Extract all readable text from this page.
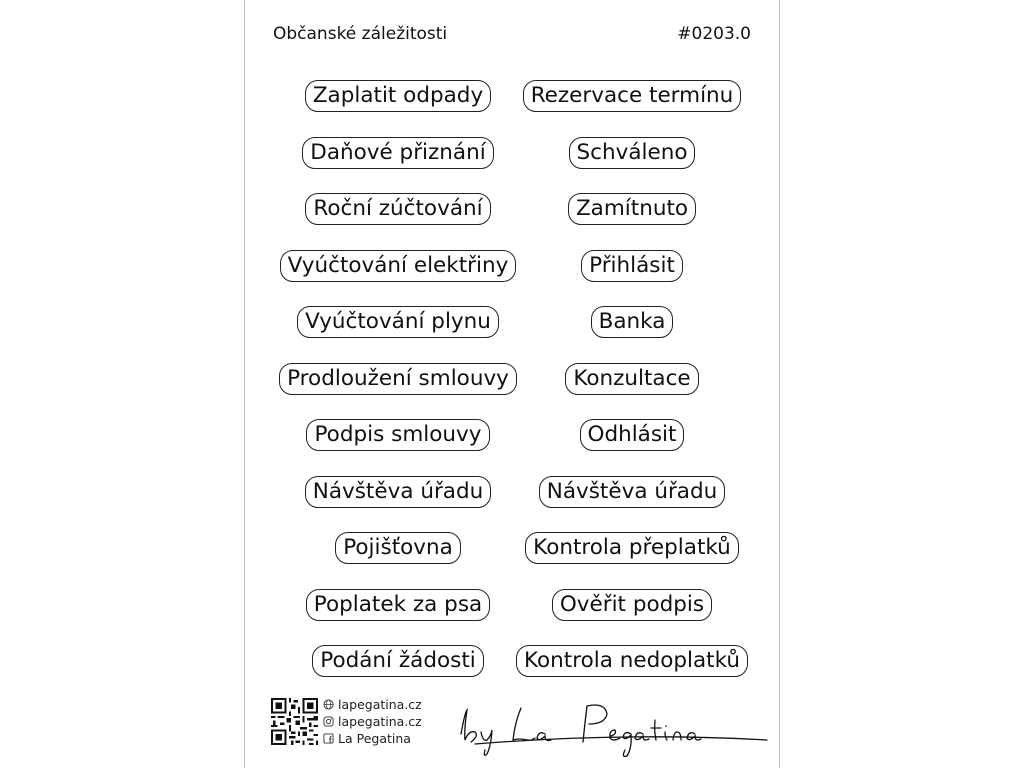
Občanské záležitosti	#0203.0
Zaplatit odpady
Daňové přiznání
Roční zúčtování
Vyúčtování elektřiny
Vyúčtování plynu
Prodloužení smlouvy
Podpis smlouvy
Návštěva úřadu
Pojišťovna
Poplatek za psa
Podání žádosti
Rezervace termínu
Schváleno
Zamítnuto
Přihlásit
Banka
Konzultace
Odhlásit
Návštěva úřadu
Kontrola přeplatků
Ověřit podpis
Kontrola nedoplatků
lapegatina.cz
lapegatina.cz
La Pegatina
